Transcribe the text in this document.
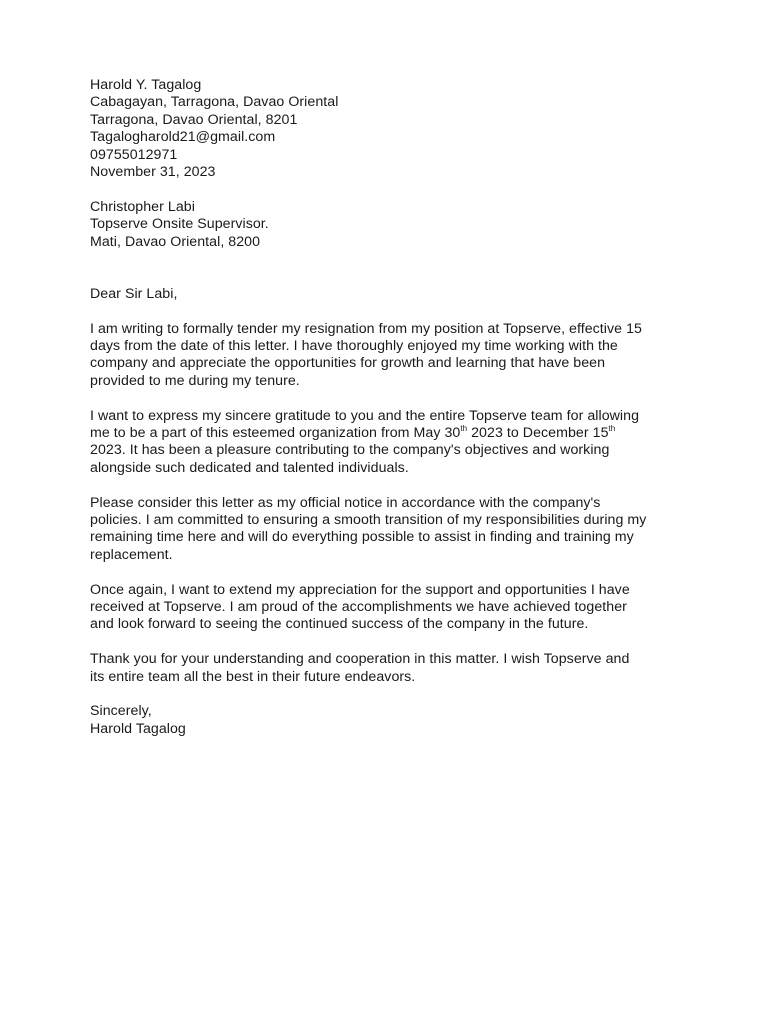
Harold Y. Tagalog
Cabagayan, Tarragona, Davao Oriental
Tarragona, Davao Oriental, 8201
Tagalogharold21@gmail.com
09755012971
November 31, 2023
Christopher Labi
Topserve Onsite Supervisor.
Mati, Davao Oriental, 8200
Dear Sir Labi,
I am writing to formally tender my resignation from my position at Topserve, effective 15
days from the date of this letter. I have thoroughly enjoyed my time working with the
company and appreciate the opportunities for growth and learning that have been
provided to me during my tenure.
I want to express my sincere gratitude to you and the entire Topserve team for allowing
me to be a part of this esteemed organization from May 30th 2023 to December 15th
2023. It has been a pleasure contributing to the company's objectives and working
alongside such dedicated and talented individuals.
Please consider this letter as my official notice in accordance with the company's
policies. I am committed to ensuring a smooth transition of my responsibilities during my
remaining time here and will do everything possible to assist in finding and training my
replacement.
Once again, I want to extend my appreciation for the support and opportunities I have
received at Topserve. I am proud of the accomplishments we have achieved together
and look forward to seeing the continued success of the company in the future.
Thank you for your understanding and cooperation in this matter. I wish Topserve and
its entire team all the best in their future endeavors.
Sincerely,
Harold Tagalog
